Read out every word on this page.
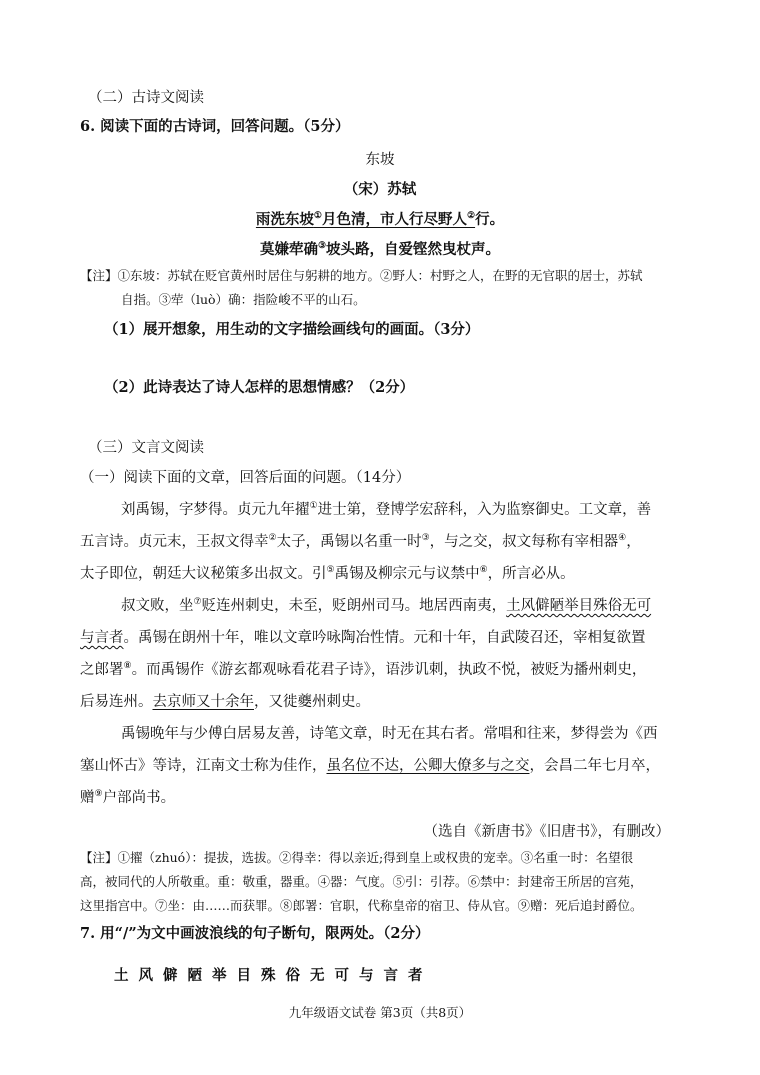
（二）古诗文阅读
6. 阅读下面的古诗词，回答问题。（5分）
东坡
（宋）苏轼
雨洗东坡①月色清，市人行尽野人②行。
莫嫌荦确③坡头路，自爱铿然曳杖声。
【注】①东坡：苏轼在贬官黄州时居住与躬耕的地方。②野人：村野之人，在野的无官职的居士，苏轼
自指。③荦（luò）确：指险峻不平的山石。
（1）展开想象，用生动的文字描绘画线句的画面。（3分）
（2）此诗表达了诗人怎样的思想情感？（2分）
（三）文言文阅读
（一）阅读下面的文章，回答后面的问题。（14分）
刘禹锡，字梦得。贞元九年擢①进士第，登博学宏辞科，入为监察御史。工文章，善
五言诗。贞元末，王叔文得幸②太子，禹锡以名重一时③，与之交，叔文每称有宰相器④，
太子即位，朝廷大议秘策多出叔文。引⑤禹锡及柳宗元与议禁中⑥，所言必从。
叔文败，坐⑦贬连州刺史，未至，贬朗州司马。地居西南夷，土风僻陋举目殊俗无可
与言者。禹锡在朗州十年，唯以文章吟咏陶冶性情。元和十年，自武陵召还，宰相复欲置
之郎署⑧。而禹锡作《游玄都观咏看花君子诗》，语涉讥刺，执政不悦，被贬为播州刺史，
后易连州。去京师又十余年，又徙夔州刺史。
禹锡晚年与少傅白居易友善，诗笔文章，时无在其右者。常唱和往来，梦得尝为《西
塞山怀古》等诗，江南文士称为佳作，虽名位不达，公卿大僚多与之交，会昌二年七月卒，
赠⑨户部尚书。
（选自《新唐书》《旧唐书》，有删改）
【注】①擢（zhuó）：提拔，选拔。②得幸：得以亲近;得到皇上或权贵的宠幸。③名重一时：名望很
高，被同代的人所敬重。重：敬重，器重。④器：气度。⑤引：引荐。⑥禁中：封建帝王所居的宫苑，
这里指宫中。⑦坐：由……而获罪。⑧郎署：官职，代称皇帝的宿卫、侍从官。⑨赠：死后追封爵位。
7. 用“/”为文中画波浪线的句子断句，限两处。（2分）
土风僻陋举目殊俗无可与言者
九年级语文试卷 第3页（共8页）
